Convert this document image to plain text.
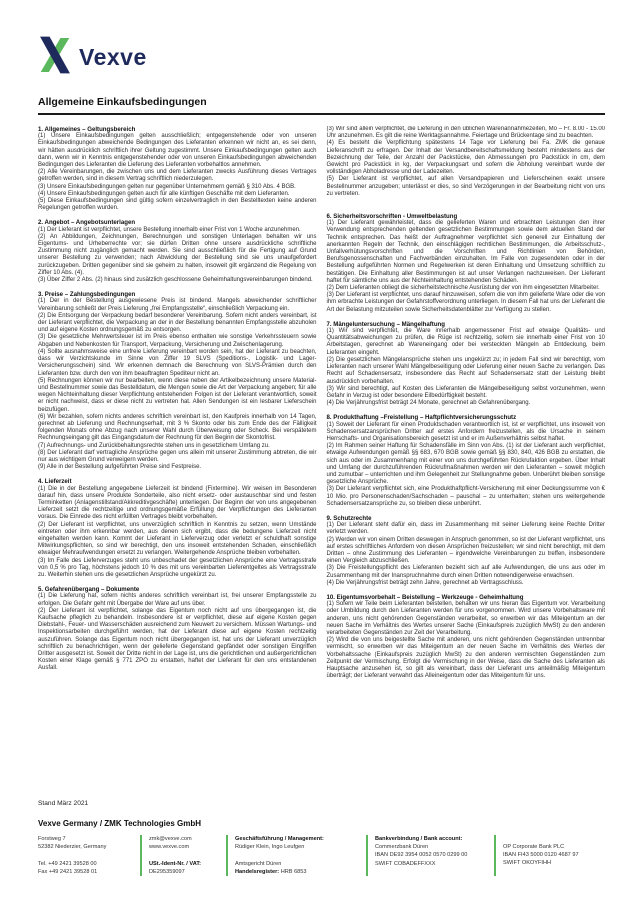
Vexve
Allgemeine Einkaufsbedingungen
1. Allgemeines – Geltungsbereich

(1) Unsere Einkaufsbedingungen gelten ausschließlich; entgegenstehende oder von unseren Einkaufsbedingungen abweichende Bedingungen des Lieferanten erkennen wir nicht an, es sei denn, wir hätten ausdrücklich schriftlich ihrer Geltung zugestimmt. Unsere Einkaufsbedingungen gelten auch dann, wenn wir in Kenntnis entgegenstehender oder von unseren Einkaufsbedingungen abweichenden Bedingungen des Lieferanten die Lieferung des Lieferanten vorbehaltlos annehmen.

(2) Alle Vereinbarungen, die zwischen uns und dem Lieferanten zwecks Ausführung dieses Vertrages getroffen werden, sind in diesem Vertrag schriftlich niederzulegen.

(3) Unsere Einkaufsbedingungen gelten nur gegenüber Unternehmern gemäß § 310 Abs. 4 BGB.

(4) Unsere Einkaufsbedingungen gelten auch für alle künftigen Geschäfte mit dem Lieferanten.

(5) Diese Einkaufsbedingungen sind gültig sofern einzelvertraglich in den Bestelltexten keine anderen Regelungen getroffen wurden.

2. Angebot – Angebotsunterlagen

(1) Der Lieferant ist verpflichtet, unsere Bestellung innerhalb einer Frist von 1 Woche anzunehmen.

(2) An Abbildungen, Zeichnungen, Berechnungen und sonstigen Unterlagen behalten wir uns Eigentums- und Urheberrechte vor; sie dürfen Dritten ohne unsere ausdrückliche schriftliche Zustimmung nicht zugänglich gemacht werden. Sie sind ausschließlich für die Fertigung auf Grund unserer Bestellung zu verwenden; nach Abwicklung der Bestellung sind sie uns unaufgefordert zurückzugeben. Dritten gegenüber sind sie geheim zu halten, insoweit gilt ergänzend die Regelung von Ziffer 10 Abs. (4).

(3) Über Ziffer 2 Abs. (2) hinaus sind zusätzlich geschlossene Geheimhaltungsvereinbarungen bindend.

3. Preise – Zahlungsbedingungen

(1) Der in der Bestellung ausgewiesene Preis ist bindend. Mangels abweichender schriftlicher Vereinbarung schließt der Preis Lieferung „frei Empfangsstelle“, einschließlich Verpackung ein.

(2) Die Entsorgung der Verpackung bedarf besonderer Vereinbarung. Sofern nicht anders vereinbart, ist der Lieferant verpflichtet, die Verpackung an der in der Bestellung benannten Empfangsstelle abzuholen und auf eigene Kosten ordnungsgemäß zu entsorgen.

(3) Die gesetzliche Mehrwertsteuer ist im Preis ebenso enthalten wie sonstige Verkehrssteuern sowie Abgaben und Nebenkosten für Transport, Verpackung, Versicherung und Zwischenlagerung.

(4) Sollte ausnahmsweise eine unfreie Lieferung vereinbart worden sein, hat der Lieferant zu beachten, dass wir Verzichtskunde im Sinne von Ziffer 19 SLVS (Speditions-, Logistik- und Lager-Versicherungsschein) sind. Wir erkennen demnach die Berechnung von SLVS-Prämien durch den Lieferanten bzw. durch den von ihm beauftragten Spediteur nicht an.

(5) Rechnungen können wir nur bearbeiten, wenn diese neben der Artikelbezeichnung unsere Material- und Bestellnummer sowie das Bestelldatum, die Mengen sowie die Art der Verpackung angeben; für alle wegen Nichteinhaltung dieser Verpflichtung entstehenden Folgen ist der Lieferant verantwortlich, soweit er nicht nachweist, dass er diese nicht zu vertreten hat. Allen Sendungen ist ein lesbarer Lieferschein beizufügen.

(6) Wir bezahlen, sofern nichts anderes schriftlich vereinbart ist, den Kaufpreis innerhalb von 14 Tagen, gerechnet ab Lieferung und Rechnungserhalt, mit 3 % Skonto oder bis zum Ende des der Fälligkeit folgenden Monats ohne Abzug nach unserer Wahl durch Überweisung oder Scheck. Bei verspätetem Rechnungseingang gilt das Eingangsdatum der Rechnung für den Beginn der Skontofrist.

(7) Aufrechnungs- und Zurückbehaltungsrechte stehen uns in gesetzlichem Umfang zu.

(8) Der Lieferant darf vertragliche Ansprüche gegen uns allein mit unserer Zustimmung abtreten, die wir nur aus wichtigem Grund verweigern werden.

(9) Alle in der Bestellung aufgeführten Preise sind Festpreise.

4. Lieferzeit

(1) Die in der Bestellung angegebene Lieferzeit ist bindend (Fixtermine). Wir weisen im Besonderen darauf hin, dass unsere Produkte Sonderteile, also nicht ersetz- oder austauschbar sind und festen Terminketten (Anlagenstillstand/Akkreditivgeschäfte) unterliegen. Der Beginn der von uns angegebenen Lieferzeit setzt die rechtzeitige und ordnungsgemäße Erfüllung der Verpflichtungen des Lieferanten voraus. Die Einrede des nicht erfüllten Vertrages bleibt vorbehalten.

(2) Der Lieferant ist verpflichtet, uns unverzüglich schriftlich in Kenntnis zu setzen, wenn Umstände eintreten oder ihm erkennbar werden, aus denen sich ergibt, dass die bedungene Lieferzeit nicht eingehalten werden kann. Kommt der Lieferant in Lieferverzug oder verletzt er schuldhaft sonstige Mitwirkungspflichten, so sind wir berechtigt, den uns insoweit entstehenden Schaden, einschließlich etwaiger Mehraufwendungen ersetzt zu verlangen. Weitergehende Ansprüche bleiben vorbehalten.

(3) Im Falle des Lieferverzuges steht uns unbeschadet der gesetzlichen Ansprüche eine Vertragsstrafe von 0,5 % pro Tag, höchstens jedoch 10 % des mit uns vereinbarten Lieferentgeltes als Vertragsstrafe zu. Weiterhin stehen uns die gesetzlichen Ansprüche ungekürzt zu.

5. Gefahrenübergang – Dokumente

(1) Die Lieferung hat, sofern nichts anderes schriftlich vereinbart ist, frei unserer Empfangsstelle zu erfolgen. Die Gefahr geht mit Übergabe der Ware auf uns über.

(2) Der Lieferant ist verpflichtet, solange das Eigentum noch nicht auf uns übergegangen ist, die Kaufsache pfleglich zu behandeln. Insbesondere ist er verpflichtet, diese auf eigene Kosten gegen Diebstahl-, Feuer- und Wasserschäden ausreichend zum Neuwert zu versichern. Müssen Wartungs- und Inspektionsarbeiten durchgeführt werden, hat der Lieferant diese auf eigene Kosten rechtzeitig auszuführen. Solange das Eigentum noch nicht übergegangen ist, hat uns der Lieferant unverzüglich schriftlich zu benachrichtigen, wenn der gelieferte Gegenstand gepfändet oder sonstigen Eingriffen Dritter ausgesetzt ist. Soweit der Dritte nicht in der Lage ist, uns die gerichtlichen und außergerichtlichen Kosten einer Klage gemäß § 771 ZPO zu erstatten, haftet der Lieferant für den uns entstandenen Ausfall.

(3) Wir sind allein verpflichtet, die Lieferung in den üblichen Warenannahmezeiten, Mo – Fr. 8.00 - 15.00 Uhr anzunehmen. Es gilt die reine Werktagsannahme. Feiertage und Brückentage sind zu beachten.

(4) Es besteht die Verpflichtung spätestens 14 Tage vor Lieferung bei Fa. ZMK die genaue Lieferanschrift zu erfragen. Der Inhalt der Versandbereitschaftsmeldung besteht mindestens aus der Bezeichnung der Teile, der Anzahl der Packstücke, den Abmessungen pro Packstück in cm, dem Gewicht pro Packstück in kg, der Verpackungsart und sofern die Abholung vereinbart wurde der vollständigen Abholadresse und der Ladezeiten.

(5) Der Lieferant ist verpflichtet, auf allen Versandpapieren und Lieferscheinen exakt unsere Bestellnummer anzugeben; unterlässt er dies, so sind Verzögerungen in der Bearbeitung nicht von uns zu vertreten.

6. Sicherheitsvorschriften - Umweltbelastung

(1) Der Lieferant gewährleistet, dass die gelieferten Waren und erbrachten Leistungen den ihrer Verwendung entsprechenden geltenden gesetzlichen Bestimmungen sowie dem aktuellen Stand der Technik entsprechen. Das heißt der Auftragnehmer verpflichtet sich generell zur Einhaltung der anerkannten Regeln der Technik, den einschlägigen rechtlichen Bestimmungen, die Arbeitsschutz-, Unfallverhütungsvorschriften und die Vorschriften und Richtlinien von Behörden, Berufsgenossenschaften und Fachverbänden einzuhalten. Im Falle von zugesendeten oder in der Bestellung aufgeführten Normen und Regelwerken ist deren Einhaltung und Umsetzung schriftlich zu bestätigen. Die Einhaltung aller Bestimmungen ist auf unser Verlangen nachzuweisen. Der Lieferant haftet für sämtliche uns aus der Nichteinhaltung entstehenden Schäden.

(2) Dem Lieferanten obliegt die sicherheitstechnische Ausrüstung der von ihm eingesetzten Mitarbeiter.

(3) Der Lieferant ist verpflichtet, uns darauf hinzuweisen, sofern die von ihm gelieferte Ware oder die von ihm erbrachte Leistungen der Gefahrstoffverordnung unterliegen. In diesem Fall hat uns der Lieferant die Art der Belastung mitzuteilen sowie Sicherheitsdatenblätter zur Verfügung zu stellen.

7. Mängeluntersuchung – Mängelhaftung

(1) Wir sind verpflichtet, die Ware innerhalb angemessener Frist auf etwaige Qualitäts- und Quantitätsabweichungen zu prüfen, die Rüge ist rechtzeitig, sofern sie innerhalb einer Frist von 10 Arbeitstagen, gerechnet ab Wareneingang oder bei versteckten Mängeln ab Entdeckung, beim Lieferanten eingeht.

(2) Die gesetzlichen Mängelansprüche stehen uns ungekürzt zu; in jedem Fall sind wir berechtigt, vom Lieferanten nach unserer Wahl Mängelbeseitigung oder Lieferung einer neuen Sache zu verlangen. Das Recht auf Schadensersatz, insbesondere das Recht auf Schadensersatz statt der Leistung bleibt ausdrücklich vorbehalten.

(3) Wir sind berechtigt, auf Kosten des Lieferanten die Mängelbeseitigung selbst vorzunehmen, wenn Gefahr in Verzug ist oder besondere Eilbedürftigkeit besteht.

(4) Die Verjährungsfrist beträgt 24 Monate, gerechnet ab Gefahrenübergang.

8. Produkthaftung –Freistellung – Haftpflichtversicherungsschutz

(1) Soweit der Lieferant für einen Produktschaden verantwortlich ist, ist er verpflichtet, uns insoweit von Schadensersatzansprüchen Dritter auf erstes Anfordern freizustellen, als die Ursache in seinem Herrschafts- und Organisationsbereich gesetzt ist und er im Außenverhältnis selbst haftet.

(2) Im Rahmen seiner Haftung für Schadensfälle im Sinn von Abs. (1) ist der Lieferant auch verpflichtet, etwaige Aufwendungen gemäß §§ 683, 670 BGB sowie gemäß §§ 830, 840, 426 BGB zu erstatten, die sich aus oder im Zusammenhang mit einer von uns durchgeführten Rückrufaktion ergeben. Über Inhalt und Umfang der durchzuführenden Rückrufmaßnahmen werden wir den Lieferanten – soweit möglich und zumutbar – unterrichten und ihm Gelegenheit zur Stellungnahme geben. Unberührt bleiben sonstige gesetzliche Ansprüche.

(3) Der Lieferant verpflichtet sich, eine Produkthaftpflicht-Versicherung mit einer Deckungssumme von € 10 Mio. pro Personenschaden/Sachschaden – pauschal – zu unterhalten; stehen uns weitergehende Schadensersatzansprüche zu, so bleiben diese unberührt.

9. Schutzrechte

(1) Der Lieferant steht dafür ein, dass im Zusammenhang mit seiner Lieferung keine Rechte Dritter verletzt werden.

(2) Werden wir von einem Dritten deswegen in Anspruch genommen, so ist der Lieferant verpflichtet, uns auf erstes schriftliches Anfordern von diesen Ansprüchen freizustellen; wir sind nicht berechtigt, mit dem Dritten – ohne Zustimmung des Lieferanten – irgendwelche Vereinbarungen zu treffen, insbesondere einen Vergleich abzuschließen.

(3) Die Freistellungspflicht des Lieferanten bezieht sich auf alle Aufwendungen, die uns aus oder im Zusammenhang mit der Inanspruchnahme durch einen Dritten notwendigerweise erwachsen.

(4) Die Verjährungsfrist beträgt zehn Jahre, gerechnet ab Vertragsschluss.

10. Eigentumsvorbehalt – Beistellung – Werkzeuge - Geheimhaltung

(1) Sofern wir Teile beim Lieferanten beistellen, behalten wir uns hieran das Eigentum vor. Verarbeitung oder Umbildung durch den Lieferanten werden für uns vorgenommen. Wird unsere Vorbehaltsware mit anderen, uns nicht gehörenden Gegenständen verarbeitet, so erwerben wir das Miteigentum an der neuen Sache im Verhältnis des Wertes unserer Sache (Einkaufspreis zuzüglich MwSt) zu den anderen verarbeiteten Gegenständen zur Zeit der Verarbeitung.

(2) Wird die von uns beigestellte Sache mit anderen, uns nicht gehörenden Gegenständen untrennbar vermischt, so erwerben wir das Miteigentum an der neuen Sache im Verhältnis des Wertes der Vorbehaltssache (Einkaufspreis zuzüglich MwSt) zu den anderen vermischten Gegenständen zum Zeitpunkt der Vermischung. Erfolgt die Vermischung in der Weise, dass die Sache des Lieferanten als Hauptsache anzusehen ist, so gilt als vereinbart, dass der Lieferant uns anteilmäßig Miteigentum überträgt; der Lieferant verwahrt das Alleineigentum oder das Miteigentum für uns.

Stand März 2021
Vexve Germany / ZMK Technologies GmbH
Forstweg 7
52382 Niederzier, Germany

Tel. +49 2421 39528 00
Fax +49 2421 39528 01
zmk@vexve.com
www.vexve.com

USt.-Ident-Nr. / VAT:
DE295359097
Geschäftsführung / Management:
Rüdiger Klein, Ingo Leufgen

Amtsgericht Düren
Handelsregister: HRB 6853
Bankverbindung / Bank account:
Commerzbank Düren
IBAN DE92 3954 0052 0570 0299 00
SWIFT COBADEFFXXX
OP Corporate Bank PLC
IBAN FI43 5000 0120 4687 97
SWIFT OKOYFIHH
